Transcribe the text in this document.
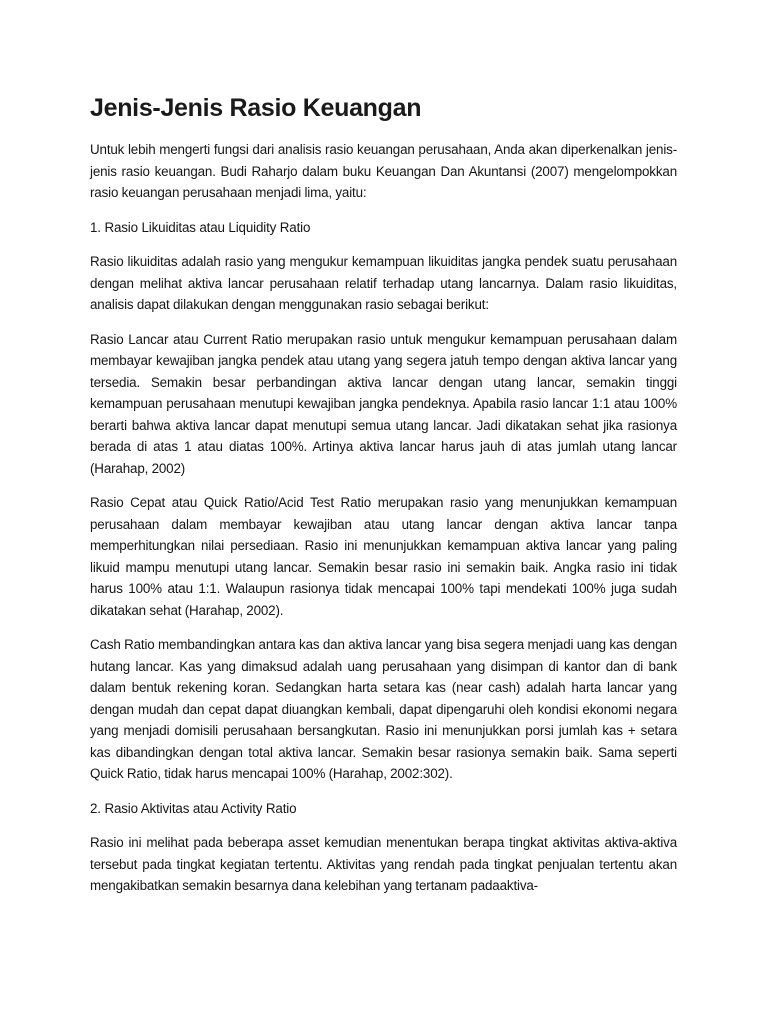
Jenis-Jenis Rasio Keuangan

Untuk lebih mengerti fungsi dari analisis rasio keuangan perusahaan, Anda akan diperkenalkan jenis-jenis rasio keuangan. Budi Raharjo dalam buku Keuangan Dan Akuntansi (2007) mengelompokkan rasio keuangan perusahaan menjadi lima, yaitu:

1. Rasio Likuiditas atau Liquidity Ratio

Rasio likuiditas adalah rasio yang mengukur kemampuan likuiditas jangka pendek suatu perusahaan dengan melihat aktiva lancar perusahaan relatif terhadap utang lancarnya. Dalam rasio likuiditas, analisis dapat dilakukan dengan menggunakan rasio sebagai berikut:

Rasio Lancar atau Current Ratio merupakan rasio untuk mengukur kemampuan perusahaan dalam membayar kewajiban jangka pendek atau utang yang segera jatuh tempo dengan aktiva lancar yang tersedia. Semakin besar perbandingan aktiva lancar dengan utang lancar, semakin tinggi kemampuan perusahaan menutupi kewajiban jangka pendeknya. Apabila rasio lancar 1:1 atau 100% berarti bahwa aktiva lancar dapat menutupi semua utang lancar. Jadi dikatakan sehat jika rasionya berada di atas 1 atau diatas 100%. Artinya aktiva lancar harus jauh di atas jumlah utang lancar (Harahap, 2002)

Rasio Cepat atau Quick Ratio/Acid Test Ratio merupakan rasio yang menunjukkan kemampuan perusahaan dalam membayar kewajiban atau utang lancar dengan aktiva lancar tanpa memperhitungkan nilai persediaan. Rasio ini menunjukkan kemampuan aktiva lancar yang paling likuid mampu menutupi utang lancar. Semakin besar rasio ini semakin baik. Angka rasio ini tidak harus 100% atau 1:1. Walaupun rasionya tidak mencapai 100% tapi mendekati 100% juga sudah dikatakan sehat (Harahap, 2002).

Cash Ratio membandingkan antara kas dan aktiva lancar yang bisa segera menjadi uang kas dengan hutang lancar. Kas yang dimaksud adalah uang perusahaan yang disimpan di kantor dan di bank dalam bentuk rekening koran. Sedangkan harta setara kas (near cash) adalah harta lancar yang dengan mudah dan cepat dapat diuangkan kembali, dapat dipengaruhi oleh kondisi ekonomi negara yang menjadi domisili perusahaan bersangkutan. Rasio ini menunjukkan porsi jumlah kas + setara kas dibandingkan dengan total aktiva lancar. Semakin besar rasionya semakin baik. Sama seperti Quick Ratio, tidak harus mencapai 100% (Harahap, 2002:302).

2. Rasio Aktivitas atau Activity Ratio

Rasio ini melihat pada beberapa asset kemudian menentukan berapa tingkat aktivitas aktiva-aktiva tersebut pada tingkat kegiatan tertentu. Aktivitas yang rendah pada tingkat penjualan tertentu akan mengakibatkan semakin besarnya dana kelebihan yang tertanam padaaktiva-
